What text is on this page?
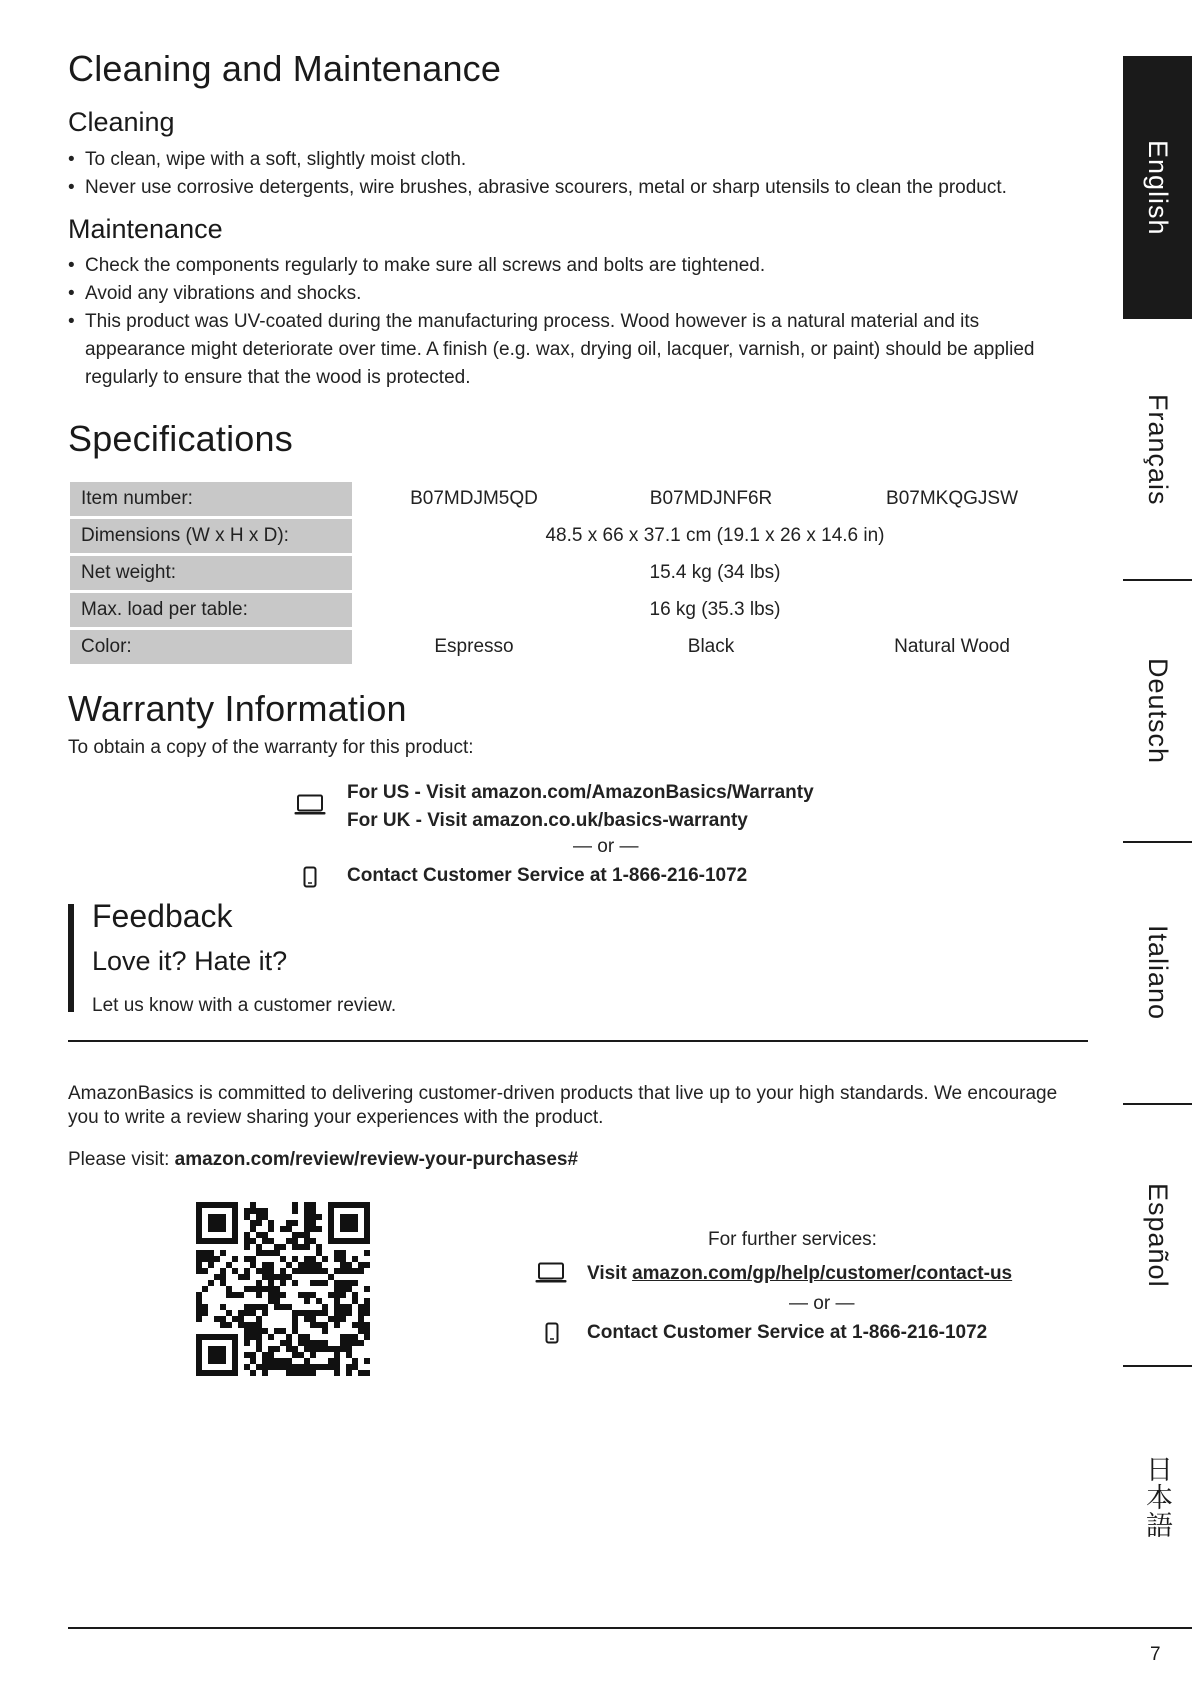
Cleaning and Maintenance
Cleaning
• To clean, wipe with a soft, slightly moist cloth.
• Never use corrosive detergents, wire brushes, abrasive scourers, metal or sharp utensils to clean the product.
Maintenance
• Check the components regularly to make sure all screws and bolts are tightened.
• Avoid any vibrations and shocks.
• This product was UV-coated during the manufacturing process. Wood however is a natural material and its appearance might deteriorate over time. A finish (e.g. wax, drying oil, lacquer, varnish, or paint) should be applied regularly to ensure that the wood is protected.
Specifications
Item number:	B07MDJM5QD	B07MDJNF6R	B07MKQGJSW
Dimensions (W x H x D):	48.5 x 66 x 37.1 cm (19.1 x 26 x 14.6 in)		
Net weight:	15.4 kg (34 lbs)		
Max. load per table:	16 kg (35.3 lbs)		
Color:	Espresso	Black	Natural Wood
Warranty Information

To obtain a copy of the warranty for this product:

For US - Visit amazon.com/AmazonBasics/Warranty

For UK - Visit amazon.co.uk/basics-warranty

— or —

Contact Customer Service at 1-866-216-1072

Feedback
Love it? Hate it?

Let us know with a customer review.

AmazonBasics is committed to delivering customer-driven products that live up to your high standards. We encourage you to write a review sharing your experiences with the product.

Please visit: amazon.com/review/review-your-purchases#

For further services:

Visit amazon.com/gp/help/customer/contact-us

— or —

Contact Customer Service at 1-866-216-1072

English
Français
Deutsch
Italiano
Español
日本語

7
